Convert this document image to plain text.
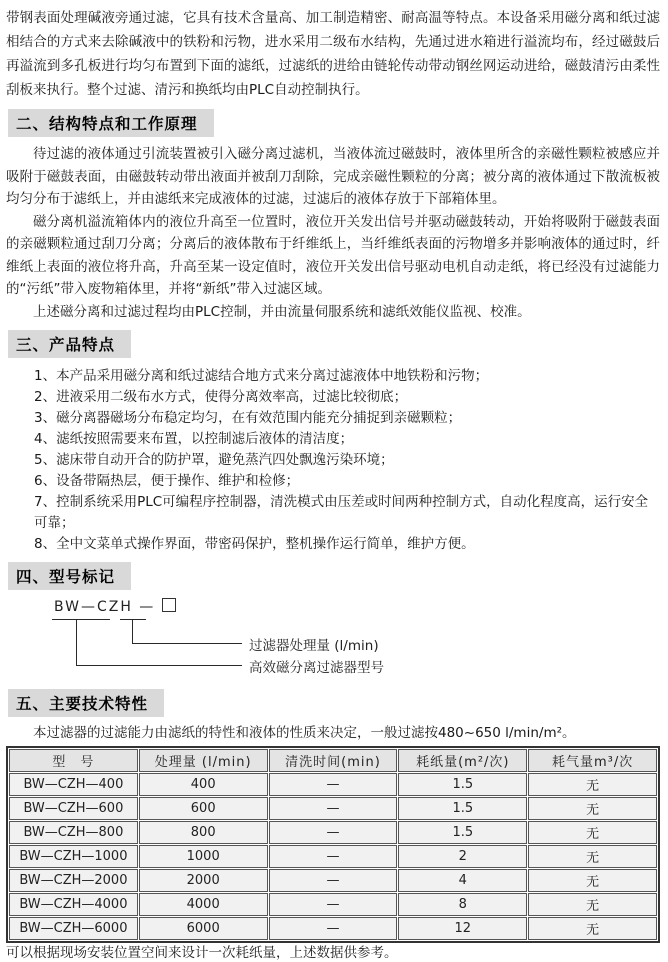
带钢表面处理碱液旁通过滤，它具有技术含量高、加工制造精密、耐高温等特点。本设备采用磁分离和纸过滤相结合的方式来去除碱液中的铁粉和污物，进水采用二级布水结构，先通过进水箱进行溢流均布，经过磁鼓后再溢流到多孔板进行均匀布置到下面的滤纸，过滤纸的进给由链轮传动带动钢丝网运动进给，磁鼓清污由柔性刮板来执行。整个过滤、清污和换纸均由PLC自动控制执行。

二、结构特点和工作原理

待过滤的液体通过引流装置被引入磁分离过滤机，当液体流过磁鼓时，液体里所含的亲磁性颗粒被感应并吸附于磁鼓表面，由磁鼓转动带出液面并被刮刀刮除，完成亲磁性颗粒的分离；被分离的液体通过下散流板被均匀分布于滤纸上，并由滤纸来完成液体的过滤，过滤后的液体存放于下部箱体里。

磁分离机溢流箱体内的液位升高至一位置时，液位开关发出信号并驱动磁鼓转动，开始将吸附于磁鼓表面的亲磁颗粒通过刮刀分离；分离后的液体散布于纤维纸上，当纤维纸表面的污物增多并影响液体的通过时，纤维纸上表面的液位将升高，升高至某一设定值时，液位开关发出信号驱动电机自动走纸，将已经没有过滤能力的“污纸”带入废物箱体里，并将“新纸”带入过滤区域。

上述磁分离和过滤过程均由PLC控制，并由流量伺服系统和滤纸效能仪监视、校准。

三、产品特点
1、本产品采用磁分离和纸过滤结合地方式来分离过滤液体中地铁粉和污物；
2、进液采用二级布水方式，使得分离效率高，过滤比较彻底；
3、磁分离器磁场分布稳定均匀，在有效范围内能充分捕捉到亲磁颗粒；
4、滤纸按照需要来布置，以控制滤后液体的清洁度；
5、滤床带自动开合的防护罩，避免蒸汽四处飘逸污染环境；
6、设备带隔热层，便于操作、维护和检修；
7、控制系统采用PLC可编程序控制器，清洗模式由压差或时间两种控制方式，自动化程度高，运行安全可靠；
8、全中文菜单式操作界面，带密码保护，整机操作运行简单，维护方便。
四、型号标记
BW—CZH —
过滤器处理量 (l/min)
高效磁分离过滤器型号
五、主要技术特性

本过滤器的过滤能力由滤纸的特性和液体的性质来决定，一般过滤按480~650 l/min/m²。

型　号	处理量 (l/min)	清洗时间(min)	耗纸量(m²/次)	耗气量m³/次
BW—CZH—400	400	—	1.5	无
BW—CZH—600	600	—	1.5	无
BW—CZH—800	800	—	1.5	无
BW—CZH—1000	1000	—	2	无
BW—CZH—2000	2000	—	4	无
BW—CZH—4000	4000	—	8	无
BW—CZH—6000	6000	—	12	无
可以根据现场安装位置空间来设计一次耗纸量，上述数据供参考。
